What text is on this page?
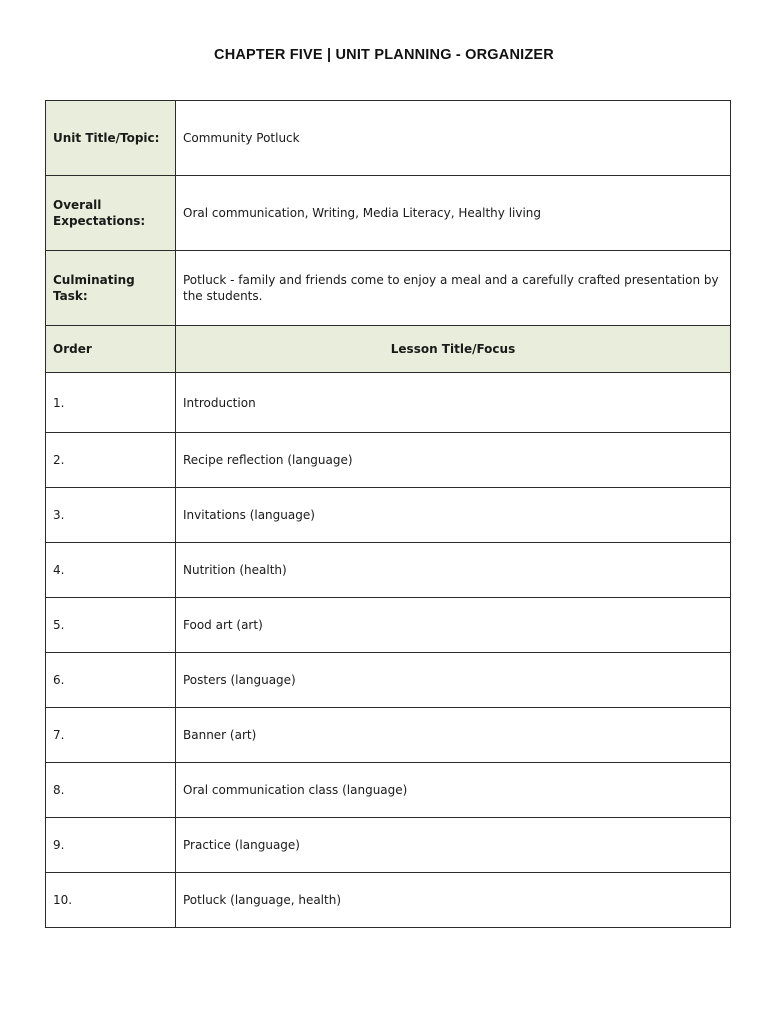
CHAPTER FIVE | UNIT PLANNING - ORGANIZER
Unit Title/Topic:	Community Potluck
Overall Expectations:	Oral communication, Writing, Media Literacy, Healthy living
Culminating Task:	Potluck - family and friends come to enjoy a meal and a carefully crafted presentation by the students.
Order	Lesson Title/Focus
1.	Introduction
2.	Recipe reflection (language)
3.	Invitations (language)
4.	Nutrition (health)
5.	Food art (art)
6.	Posters (language)
7.	Banner (art)
8.	Oral communication class (language)
9.	Practice (language)
10.	Potluck (language, health)
